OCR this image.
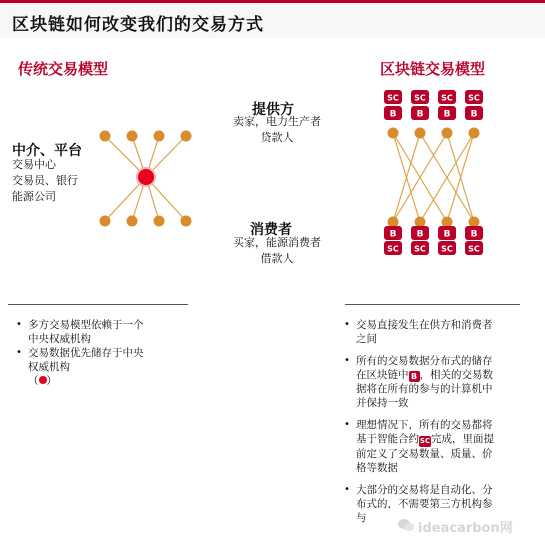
区块链如何改变我们的交易方式
传统交易模型	区块链交易模型
SC
B
B
SC
SC
B
B
SC
SC
B
B
SC
SC
B
B
SC
中介、平台
交易中心
交易员、银行
能源公司
提供方
卖家，电力生产者
贷款人
消费者
买家，能源消费者
借款人
• 多方交易模型依赖于一个
中央权威机构
• 交易数据优先储存于中央
权威机构
（ ）
• 交易直接发生在供方和消费者
之间
• 所有的交易数据分布式的储存
在区块链中 B ，相关的交易数
据将在所有的参与的计算机中
并保持一致
• 理想情况下，所有的交易都将
基于智能合约SC完成，里面提
前定义了交易数量、质量、价
格等数据
• 大部分的交易将是自动化、分
布式的，不需要第三方机构参
与
ideacarbon网
